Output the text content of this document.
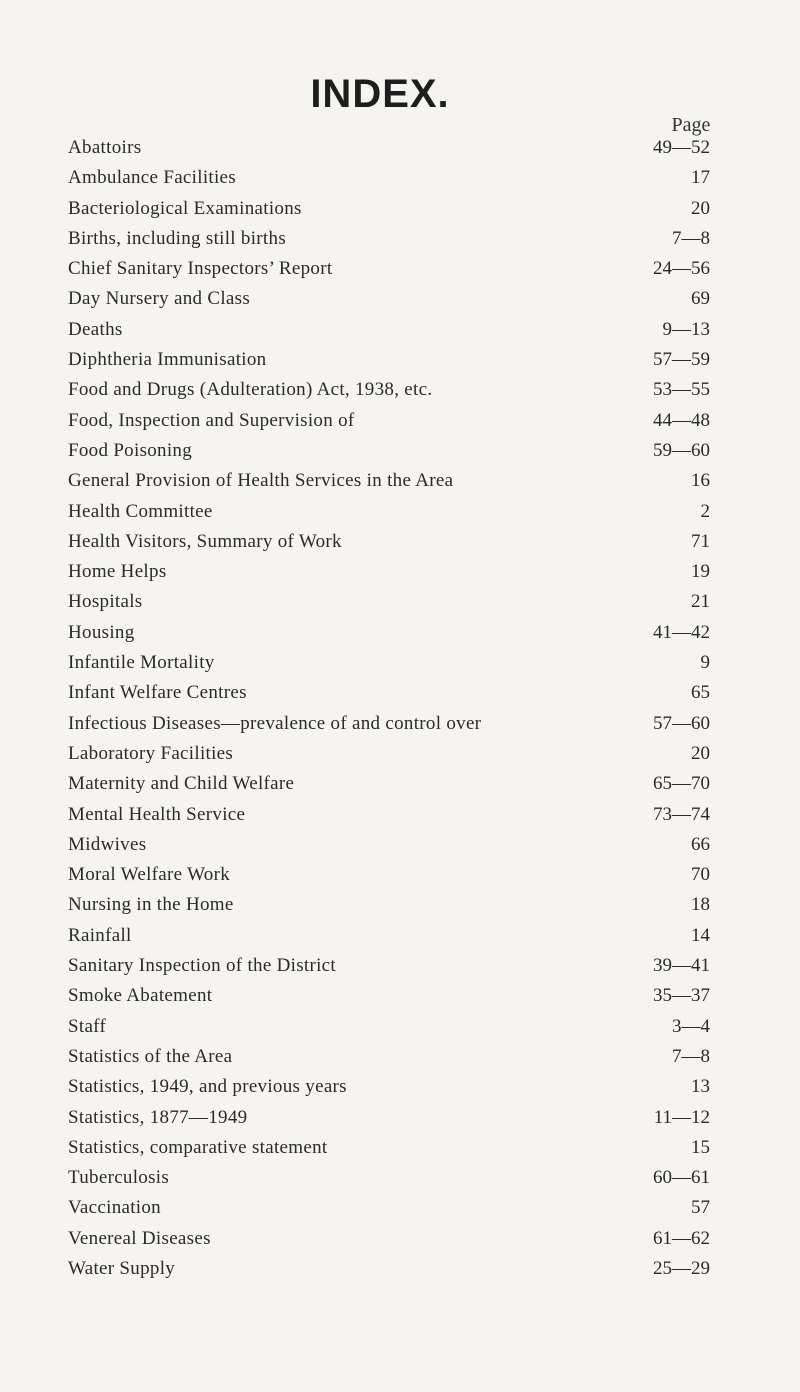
INDEX.
Page
Abattoirs	49—52
Ambulance Facilities	17
Bacteriological Examinations	20
Births, including still births	7—8
Chief Sanitary Inspectors’ Report	24—56
Day Nursery and Class	69
Deaths	9—13
Diphtheria Immunisation	57—59
Food and Drugs (Adulteration) Act, 1938, etc.	53—55
Food, Inspection and Supervision of	44—48
Food Poisoning	59—60
General Provision of Health Services in the Area	16
Health Committee	2
Health Visitors, Summary of Work	71
Home Helps	19
Hospitals	21
Housing	41—42
Infantile Mortality	9
Infant Welfare Centres	65
Infectious Diseases—prevalence of and control over	57—60
Laboratory Facilities	20
Maternity and Child Welfare	65—70
Mental Health Service	73—74
Midwives	66
Moral Welfare Work	70
Nursing in the Home	18
Rainfall	14
Sanitary Inspection of the District	39—41
Smoke Abatement	35—37
Staff	3—4
Statistics of the Area	7—8
Statistics, 1949, and previous years	13
Statistics, 1877—1949	11—12
Statistics, comparative statement	15
Tuberculosis	60—61
Vaccination	57
Venereal Diseases	61—62
Water Supply	25—29
